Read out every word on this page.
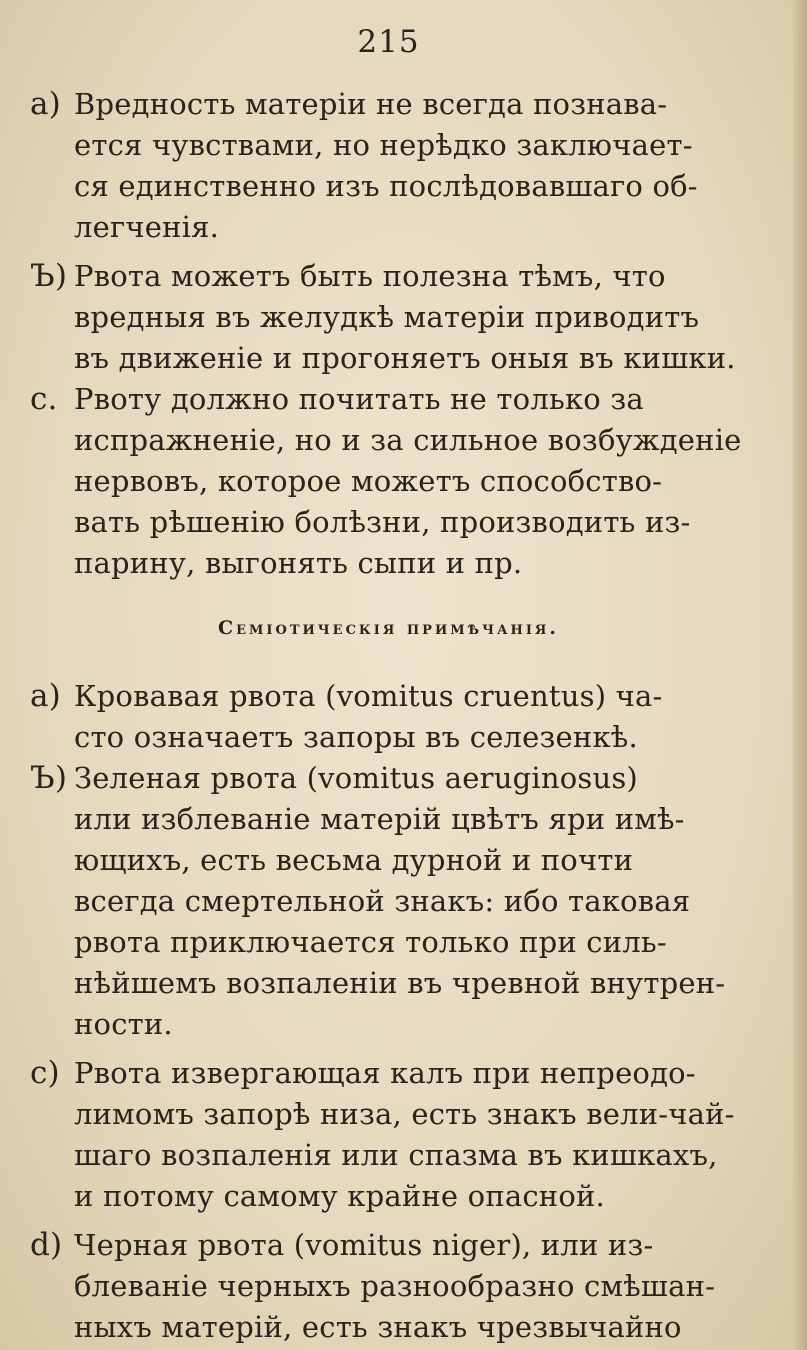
215
a) Вредность матеріи не всегда познава-
ется чувствами, но нерѣдко заключает-
ся единственно изъ послѣдовавшаго об-
легченія.
Ъ) Рвота можетъ быть полезна тѣмъ, что
вредныя въ желудкѣ матеріи приводитъ
въ движеніе и прогоняетъ оныя въ кишки.
c. Рвоту должно почитать не только за
испражненіе, но и за сильное возбужденіе
нервовъ, которое можетъ способство-
вать рѣшенію болѣзни, производить из-
парину, выгонять сыпи и пр.
Семіотическія примѣчанія.
a) Кровавая рвота (vomitus cruentus) ча-
сто означаетъ запоры въ селезенкѣ.
Ъ) Зеленая рвота (vomitus aeruginosus)
или изблеваніе матерій цвѣтъ яри имѣ-
ющихъ, есть весьма дурной и почти
всегда смертельной знакъ: ибо таковая
рвота приключается только при силь-
нѣйшемъ возпаленіи въ чревной внутрен-
ности.
c) Рвота извергающая калъ при непреодо-
лимомъ запорѣ низа, есть знакъ вели-чай-
шаго возпаленія или спазма въ кишкахъ,
и потому самому крайне опасной.
d) Черная рвота (vomitus niger), или из-
блеваніе черныхъ разнообразно смѣшан-
ныхъ матерій, есть знакъ чрезвычайно
